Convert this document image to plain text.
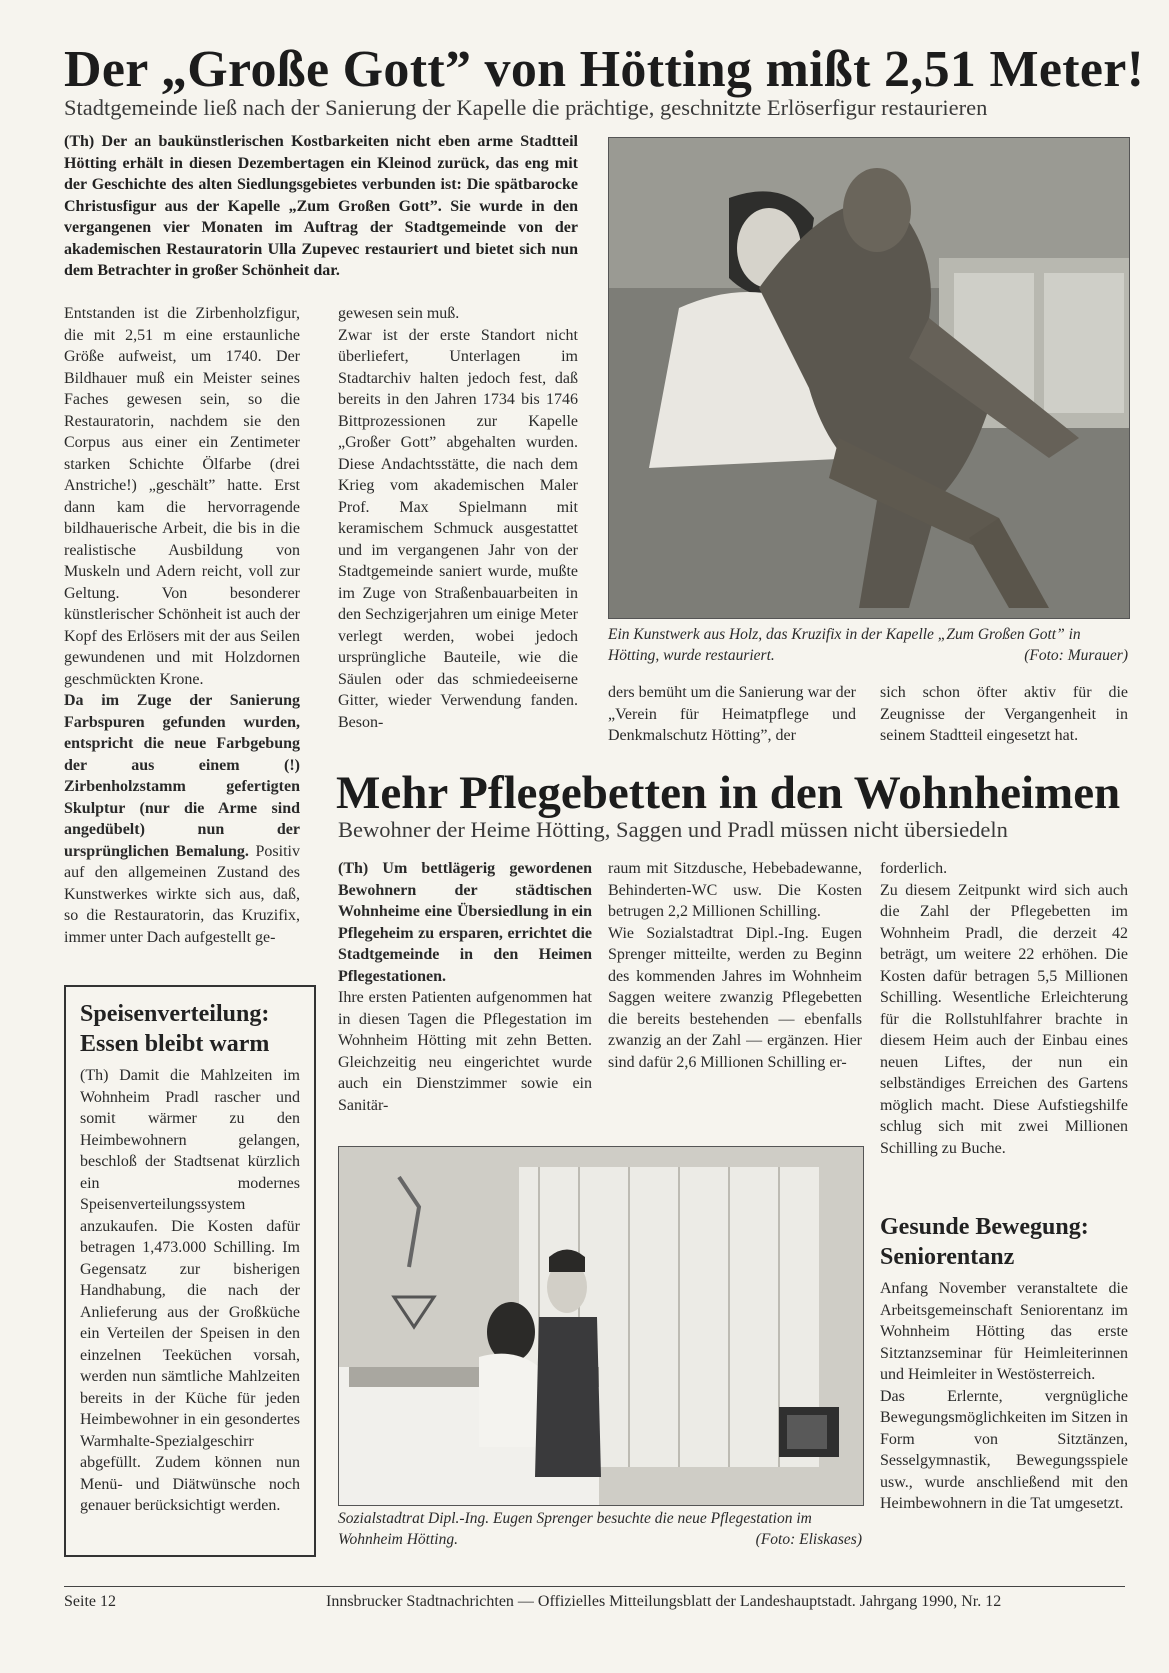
Der „Große Gott” von Hötting mißt 2,51 Meter!
Stadtgemeinde ließ nach der Sanierung der Kapelle die prächtige, geschnitzte Erlöserfigur restaurieren
(Th) Der an baukünstlerischen Kostbarkeiten nicht eben arme Stadtteil Hötting erhält in diesen Dezembertagen ein Kleinod zurück, das eng mit der Geschichte des alten Siedlungsgebietes verbunden ist: Die spätbarocke Christusfigur aus der Kapelle „Zum Großen Gott”. Sie wurde in den vergangenen vier Monaten im Auftrag der Stadtgemeinde von der akademischen Restauratorin Ulla Zupevec restauriert und bietet sich nun dem Betrachter in großer Schönheit dar.

Entstanden ist die Zirbenholzfigur, die mit 2,51 m eine erstaunliche Größe aufweist, um 1740. Der Bildhauer muß ein Meister seines Faches gewesen sein, so die Restauratorin, nachdem sie den Corpus aus einer ein Zentimeter starken Schichte Ölfarbe (drei Anstriche!) „geschält” hatte. Erst dann kam die hervorragende bildhauerische Arbeit, die bis in die realistische Ausbildung von Muskeln und Adern reicht, voll zur Geltung. Von besonderer künstlerischer Schönheit ist auch der Kopf des Erlösers mit der aus Seilen gewundenen und mit Holzdornen geschmückten Krone.

Da im Zuge der Sanierung Farbspuren gefunden wurden, entspricht die neue Farbgebung der aus einem (!) Zirbenholzstamm gefertigten Skulptur (nur die Arme sind angedübelt) nun der ursprünglichen Bemalung. Positiv auf den allgemeinen Zustand des Kunstwerkes wirkte sich aus, daß, so die Restauratorin, das Kruzifix, immer unter Dach aufgestellt ge-

gewesen sein muß.

Zwar ist der erste Standort nicht überliefert, Unterlagen im Stadtarchiv halten jedoch fest, daß bereits in den Jahren 1734 bis 1746 Bittprozessionen zur Kapelle „Großer Gott” abgehalten wurden. Diese Andachtsstätte, die nach dem Krieg vom akademischen Maler Prof. Max Spielmann mit keramischem Schmuck ausgestattet und im vergangenen Jahr von der Stadtgemeinde saniert wurde, mußte im Zuge von Straßenbauarbeiten in den Sechzigerjahren um einige Meter verlegt werden, wobei jedoch ursprüngliche Bauteile, wie die Säulen oder das schmiedeeiserne Gitter, wieder Verwendung fanden. Beson-

Ein Kunstwerk aus Holz, das Kruzifix in der Kapelle „Zum Großen Gott” in Hötting, wurde restauriert.	(Foto: Murauer)
ders bemüht um die Sanierung war der „Verein für Heimatpflege und Denkmalschutz Hötting”, der
sich schon öfter aktiv für die Zeugnisse der Vergangenheit in seinem Stadtteil eingesetzt hat.
Speisenverteilung: Essen bleibt warm
(Th) Damit die Mahlzeiten im Wohnheim Pradl rascher und somit wärmer zu den Heimbewohnern gelangen, beschloß der Stadtsenat kürzlich ein modernes Speisenverteilungssystem anzukaufen. Die Kosten dafür betragen 1,473.000 Schilling. Im Gegensatz zur bisherigen Handhabung, die nach der Anlieferung aus der Großküche ein Verteilen der Speisen in den einzelnen Teeküchen vorsah, werden nun sämtliche Mahlzeiten bereits in der Küche für jeden Heimbewohner in ein gesondertes Warmhalte-Spezialgeschirr abgefüllt. Zudem können nun Menü- und Diätwünsche noch genauer berücksichtigt werden.
Mehr Pflegebetten in den Wohnheimen
Bewohner der Heime Hötting, Saggen und Pradl müssen nicht übersiedeln

(Th) Um bettlägerig gewordenen Bewohnern der städtischen Wohnheime eine Übersiedlung in ein Pflegeheim zu ersparen, errichtet die Stadtgemeinde in den Heimen Pflegestationen.

Ihre ersten Patienten aufgenommen hat in diesen Tagen die Pflegestation im Wohnheim Hötting mit zehn Betten. Gleichzeitig neu eingerichtet wurde auch ein Dienstzimmer sowie ein Sanitär-

raum mit Sitzdusche, Hebebadewanne, Behinderten-WC usw. Die Kosten betrugen 2,2 Millionen Schilling.

Wie Sozialstadtrat Dipl.-Ing. Eugen Sprenger mitteilte, werden zu Beginn des kommenden Jahres im Wohnheim Saggen weitere zwanzig Pflegebetten die bereits bestehenden — ebenfalls zwanzig an der Zahl — ergänzen. Hier sind dafür 2,6 Millionen Schilling er-

forderlich.

Zu diesem Zeitpunkt wird sich auch die Zahl der Pflegebetten im Wohnheim Pradl, die derzeit 42 beträgt, um weitere 22 erhöhen. Die Kosten dafür betragen 5,5 Millionen Schilling. Wesentliche Erleichterung für die Rollstuhlfahrer brachte in diesem Heim auch der Einbau eines neuen Liftes, der nun ein selbständiges Erreichen des Gartens möglich macht. Diese Aufstiegshilfe schlug sich mit zwei Millionen Schilling zu Buche.

Sozialstadtrat Dipl.-Ing. Eugen Sprenger besuchte die neue Pflegestation im Wohnheim Hötting.	(Foto: Eliskases)
Gesunde Bewegung: Seniorentanz

Anfang November veranstaltete die Arbeitsgemeinschaft Seniorentanz im Wohnheim Hötting das erste Sitztanzseminar für Heimleiterinnen und Heimleiter in Westösterreich.

Das Erlernte, vergnügliche Bewegungsmöglichkeiten im Sitzen in Form von Sitztänzen, Sesselgymnastik, Bewegungsspiele usw., wurde anschließend mit den Heimbewohnern in die Tat umgesetzt.

Seite 12	Innsbrucker Stadtnachrichten — Offizielles Mitteilungsblatt der Landeshauptstadt. Jahrgang 1990, Nr. 12
